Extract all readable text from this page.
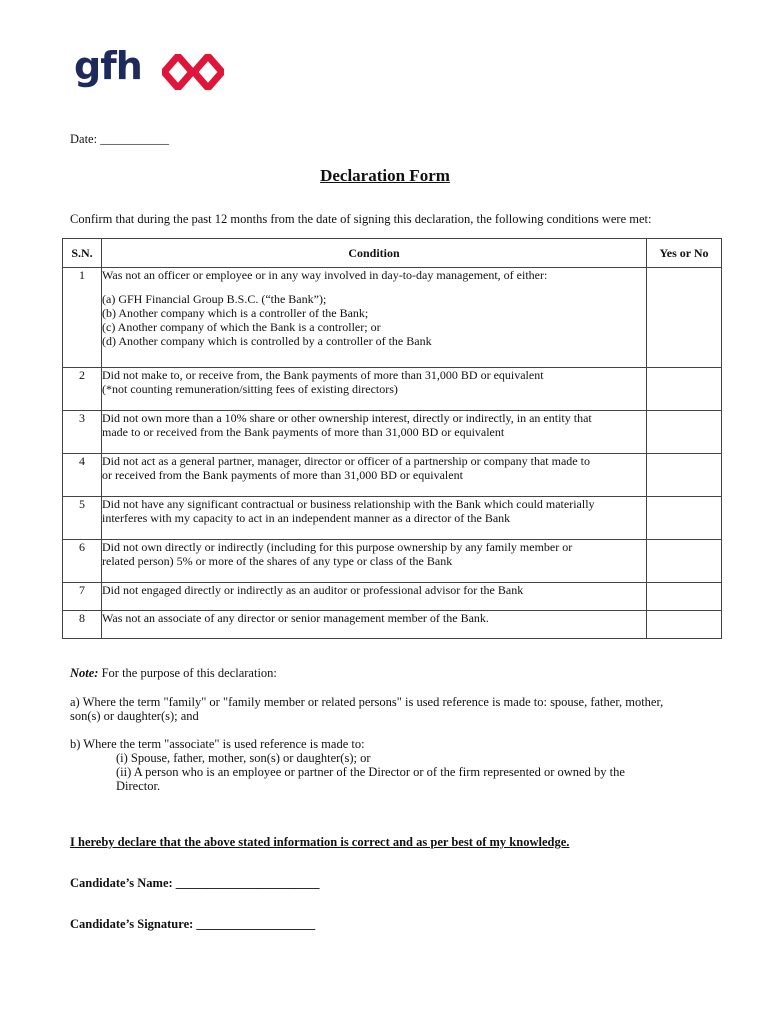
gfh
Date: ___________
Declaration Form
Confirm that during the past 12 months from the date of signing this declaration, the following conditions were met:
S.N.	Condition	Yes or No
1	Was not an officer or employee or in any way involved in day-to-day management, of either:
(a) GFH Financial Group B.S.C. (“the Bank”);
(b) Another company which is a controller of the Bank;
(c) Another company of which the Bank is a controller; or
(d) Another company which is controlled by a controller of the Bank	

2	Did not make to, or receive from, the Bank payments of more than 31,000 BD or equivalent
(*not counting remuneration/sitting fees of existing directors)	

3	Did not own more than a 10% share or other ownership interest, directly or indirectly, in an entity that
made to or received from the Bank payments of more than 31,000 BD or equivalent	

4	Did not act as a general partner, manager, director or officer of a partnership or company that made to
or received from the Bank payments of more than 31,000 BD or equivalent	

5	Did not have any significant contractual or business relationship with the Bank which could materially
interferes with my capacity to act in an independent manner as a director of the Bank	

6	Did not own directly or indirectly (including for this purpose ownership by any family member or
related person) 5% or more of the shares of any type or class of the Bank	

7	Did not engaged directly or indirectly as an auditor or professional advisor for the Bank	

8	Was not an associate of any director or senior management member of the Bank.	

Note: For the purpose of this declaration:
a) Where the term "family" or "family member or related persons" is used reference is made to: spouse, father, mother,
son(s) or daughter(s); and
b) Where the term "associate" is used reference is made to:
(i) Spouse, father, mother, son(s) or daughter(s); or
(ii) A person who is an employee or partner of the Director or of the firm represented or owned by the
Director.
I hereby declare that the above stated information is correct and as per best of my knowledge.
Candidate’s Name: _______________________
Candidate’s Signature: ___________________
